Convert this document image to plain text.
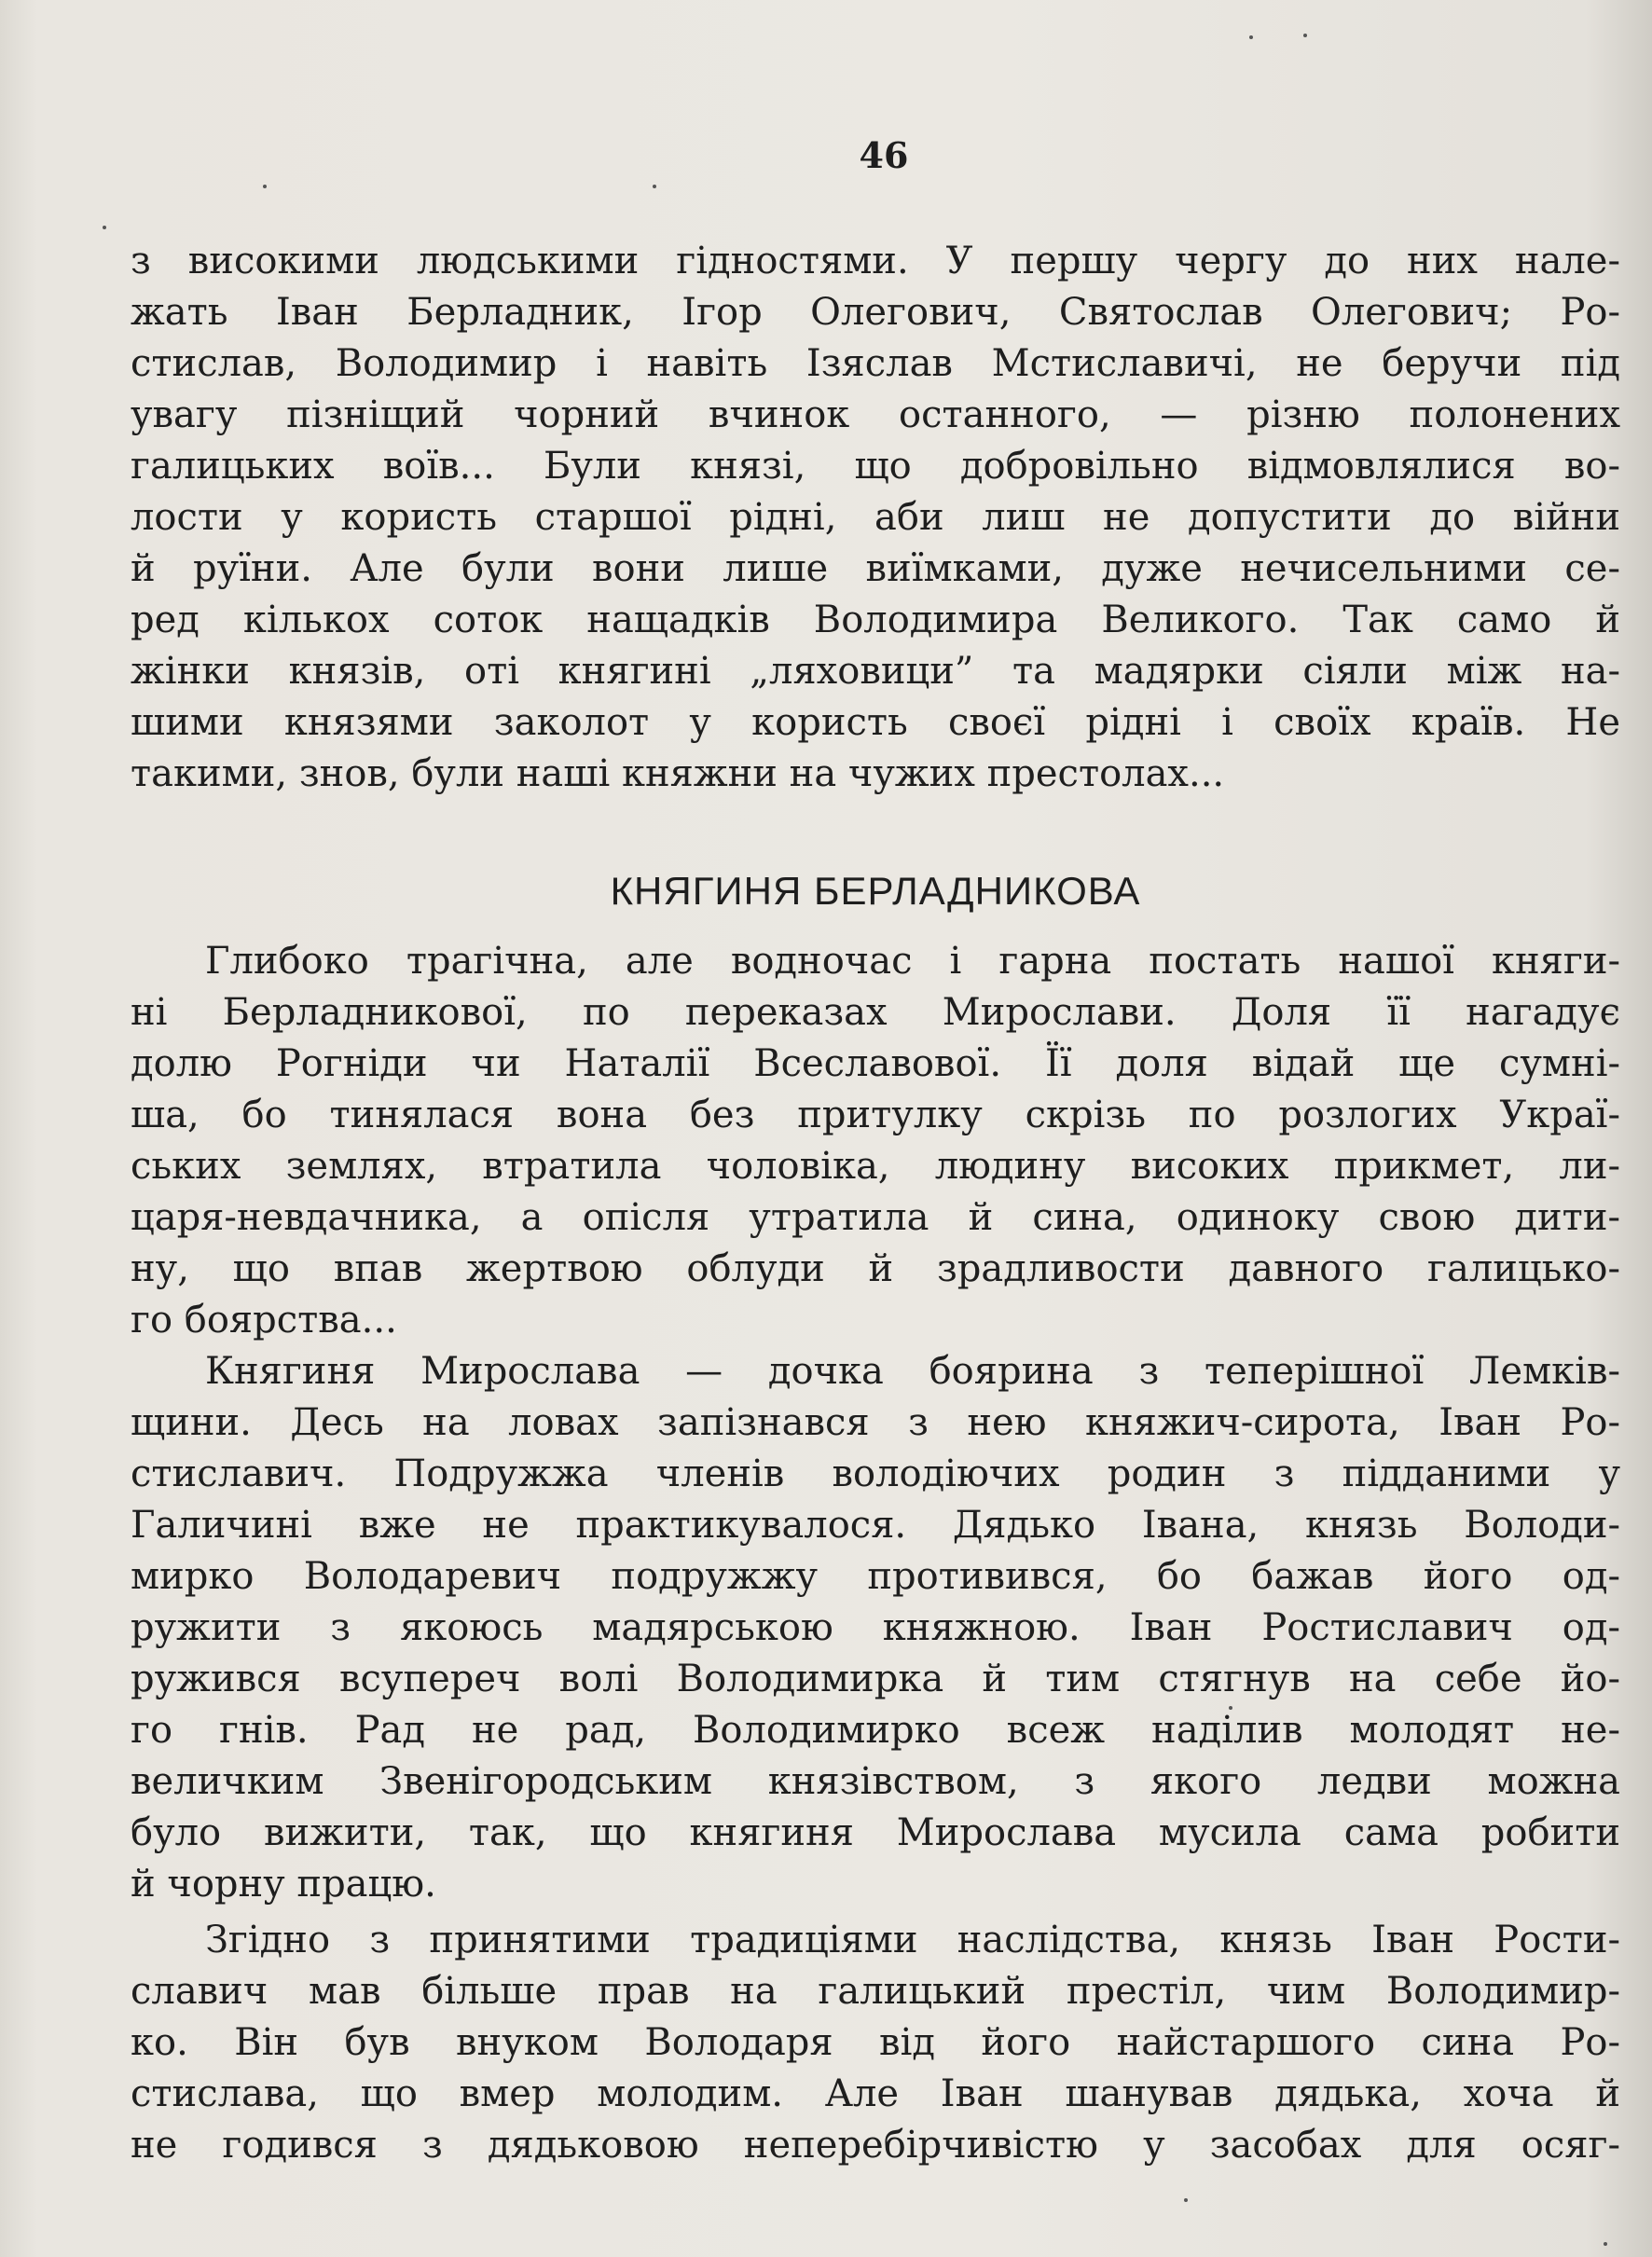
46
з високими людськими гідностями. У першу чергу до них нале-
жать Іван Берладник, Ігор Олегович, Святослав Олегович; Ро-
стислав, Володимир і навіть Ізяслав Мстиславичі, не беручи під
увагу пізніщий чорний вчинок останного, — різню полонених
галицьких воїв... Були князі, що добровільно відмовлялися во-
лости у користь старшої рідні, аби лиш не допустити до війни
й руїни. Але були вони лише виїмками, дуже нечисельними се-
ред кількох соток нащадків Володимира Великого. Так само й
жінки князів, оті княгині „ляховици” та мадярки сіяли між на-
шими князями заколот у користь своєї рідні і своїх країв. Не
такими, знов, були наші княжни на чужих престолах...
КНЯГИНЯ БЕРЛАДНИКОВА
Глибоко трагічна, але водночас і гарна постать нашої княги-
ні Берладникової, по переказах Мирослави. Доля її нагадує
долю Рогніди чи Наталії Всеславової. Її доля відай ще сумні-
ша, бо тинялася вона без притулку скрізь по розлогих Украї-
ських землях, втратила чоловіка, людину високих прикмет, ли-
царя-невдачника, а опісля утратила й сина, одиноку свою дити-
ну, що впав жертвою облуди й зрадливости давного галицько-
го боярства...
Княгиня Мирослава — дочка боярина з теперішної Лемків-
щини. Десь на ловах запізнався з нею княжич-сирота, Іван Ро-
стиславич. Подружжа членів володіючих родин з підданими у
Галичині вже не практикувалося. Дядько Івана, князь Володи-
мирко Володаревич подружжу противився, бо бажав його од-
ружити з якоюсь мадярською княжною. Іван Ростиславич од-
ружився всупереч волі Володимирка й тим стягнув на себе йо-
го гнів. Рад не рад, Володимирко всеж наділив молодят не-
величким Звенігородським князівством, з якого ледви можна
було вижити, так, що княгиня Мирослава мусила сама робити
й чорну працю.
Згідно з принятими традиціями наслідства, князь Іван Рости-
славич мав більше прав на галицький престіл, чим Володимир-
ко. Він був внуком Володаря від його найстаршого сина Ро-
стислава, що вмер молодим. Але Іван шанував дядька, хоча й
не годився з дядьковою неперебірчивістю у засобах для осяг-
